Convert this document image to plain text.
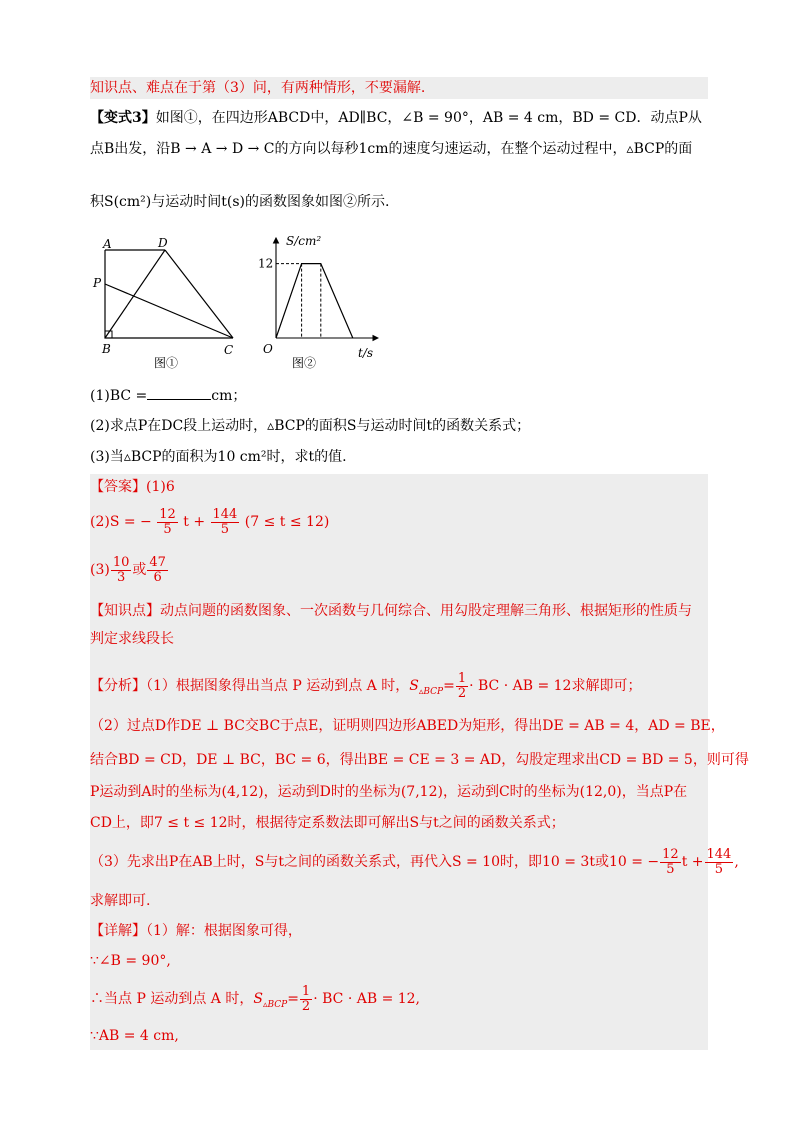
知识点、难点在于第（3）问，有两种情形，不要漏解.
【变式3】如图①，在四边形ABCD中，AD∥BC，∠B = 90°，AB = 4 cm，BD = CD．动点P从
点B出发，沿B → A → D → C的方向以每秒1cm的速度匀速运动，在整个运动过程中，▵BCP的面
积S(cm²)与运动时间t(s)的函数图象如图②所示.
A	D
P
B	C
图①
S/cm²
t/s
O
12
图②
(1)BC =	cm；
(2)求点P在DC段上运动时，▵BCP的面积S与运动时间t的函数关系式；
(3)当▵BCP的面积为10 cm²时，求t的值.
【答案】(1)6
(2)S = − $\frac{12}{5}$ $t + \frac{144}{5} (7 \le t \le 12)$
$(3) \frac{10}{3}$ 或 $\frac{47}{6}$
【知识点】动点问题的函数图象、一次函数与几何综合、用勾股定理解三角形、根据矩形的性质与
判定求线段长
【分析】（1）根据图象得出当点 P 运动到点 A 时，$S_{▵BCP}= \frac{1}{2}$ · BC · AB = 12求解即可；
（2）过点D作DE ⊥ BC交BC于点E，证明则四边形ABED为矩形，得出DE = AB = 4，AD = BE，
结合BD = CD，DE ⊥ BC，BC = 6，得出BE = CE = 3 = AD，勾股定理求出CD = BD = 5，则可得
P运动到A时的坐标为(4,12)，运动到D时的坐标为(7,12)，运动到C时的坐标为(12,0)，当点P在
CD上，即7 ≤ t ≤ 12时，根据待定系数法即可解出S与t之间的函数关系式；
（3）先求出P在AB上时，S与t之间的函数关系式，再代入S = 10时，即10 = 3t或10 = − $\frac{12}{5}$ $t + \frac{144}{5}$ ,
求解即可.
【详解】（1）解：根据图象可得，
∵∠B = 90°,
∴当点 P 运动到点 A 时，$S_{▵BCP}= \frac{1}{2}$ · BC · AB = 12,
∵AB = 4 cm,
